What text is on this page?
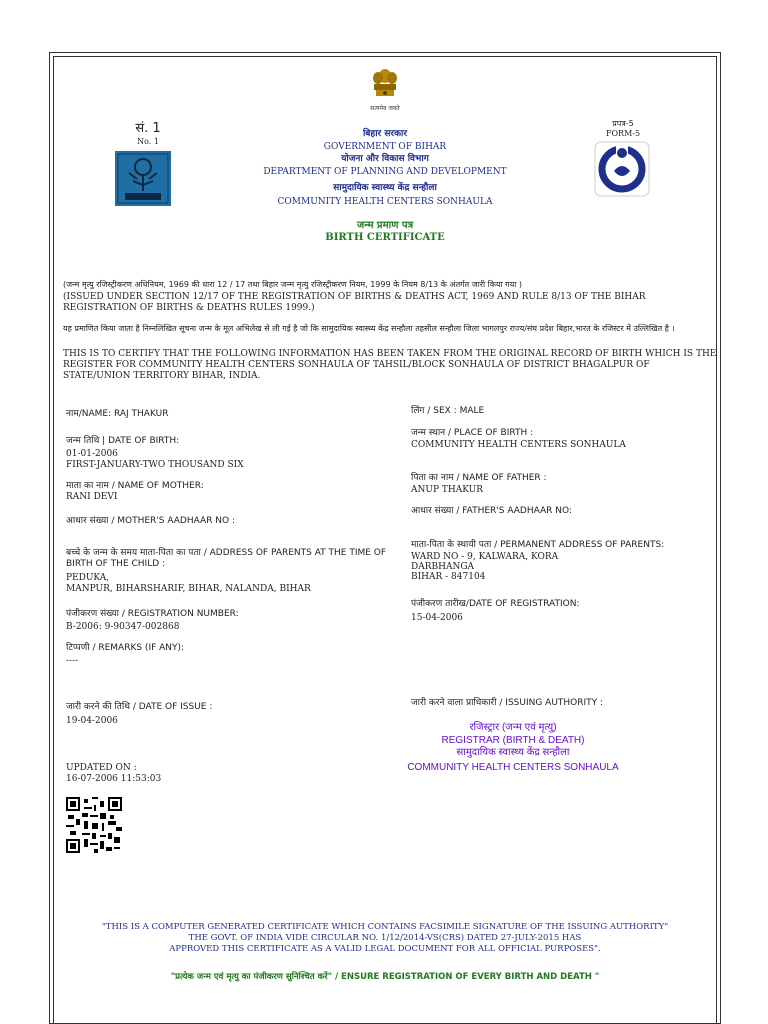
सत्यमेव जयते
सं. 1
No. 1
प्रपत्र-5
FORM-5
बिहार सरकार
GOVERNMENT OF BIHAR
योजना और विकास विभाग
DEPARTMENT OF PLANNING AND DEVELOPMENT
सामुदायिक स्वास्थ्य केंद्र सन्हौला
COMMUNITY HEALTH CENTERS SONHAULA
जन्म प्रमाण पत्र
BIRTH CERTIFICATE
(जन्म मृत्यु रजिस्ट्रीकरण अधिनियम, 1969 की धारा 12 / 17 तथा बिहार जन्म मृत्यु रजिस्ट्रीकरण नियम, 1999 के नियम 8/13 के अंतर्गत जारी किया गया )
(ISSUED UNDER SECTION 12/17 OF THE REGISTRATION OF BIRTHS & DEATHS ACT, 1969 AND RULE 8/13 OF THE BIHAR REGISTRATION OF BIRTHS & DEATHS RULES 1999.)
यह प्रमाणित किया जाता है निम्नलिखित सूचना जन्म के मूल अभिलेख से ली गई है जो कि सामुदायिक स्वास्थ्य केंद्र सन्हौला तहसील सन्हौला जिला भागलपुर राज्य/संघ प्रदेश बिहार,भारत के रजिस्टर में उल्लिखित है ।
THIS IS TO CERTIFY THAT THE FOLLOWING INFORMATION HAS BEEN TAKEN FROM THE ORIGINAL RECORD OF BIRTH WHICH IS THE REGISTER FOR COMMUNITY HEALTH CENTERS SONHAULA OF TAHSIL/BLOCK SONHAULA OF DISTRICT BHAGALPUR OF STATE/UNION TERRITORY BIHAR, INDIA.
नाम/NAME: RAJ THAKUR
जन्म तिथि | DATE OF BIRTH:
01-01-2006
FIRST-JANUARY-TWO THOUSAND SIX
माता का नाम / NAME OF MOTHER:
RANI DEVI
आधार संख्या / MOTHER'S AADHAAR NO :
बच्चे के जन्म के समय माता-पिता का पता / ADDRESS OF PARENTS AT THE TIME OF BIRTH OF THE CHILD :
PEDUKA,
MANPUR, BIHARSHARIF, BIHAR, NALANDA, BIHAR
पंजीकरण संख्या / REGISTRATION NUMBER:
B-2006: 9-90347-002868
टिप्पणी / REMARKS (IF ANY):
----
जारी करने की तिथि / DATE OF ISSUE :
19-04-2006
UPDATED ON :
16-07-2006 11:53:03
लिंग / SEX : MALE
जन्म स्थान / PLACE OF BIRTH :
COMMUNITY HEALTH CENTERS SONHAULA
पिता का नाम / NAME OF FATHER :
ANUP THAKUR
आधार संख्या / FATHER'S AADHAAR NO:
माता-पिता के स्थायी पता / PERMANENT ADDRESS OF PARENTS:
WARD NO - 9, KALWARA, KORA
DARBHANGA
BIHAR - 847104
पंजीकरण तारीख/DATE OF REGISTRATION:
15-04-2006
जारी करने वाला प्राधिकारी / ISSUING AUTHORITY :
रजिस्ट्रार (जन्म एवं मृत्यु)
REGISTRAR (BIRTH & DEATH)
सामुदायिक स्वास्थ्य केंद्र सन्हौला
COMMUNITY HEALTH CENTERS SONHAULA
"THIS IS A COMPUTER GENERATED CERTIFICATE WHICH CONTAINS FACSIMILE SIGNATURE OF THE ISSUING AUTHORITY"
THE GOVT. OF INDIA VIDE CIRCULAR NO. 1/12/2014-VS(CRS) DATED 27-JULY-2015 HAS
APPROVED THIS CERTIFICATE AS A VALID LEGAL DOCUMENT FOR ALL OFFICIAL PURPOSES".
"प्रत्येक जन्म एवं मृत्यु का पंजीकरण सुनिश्चित करें" / ENSURE REGISTRATION OF EVERY BIRTH AND DEATH "
